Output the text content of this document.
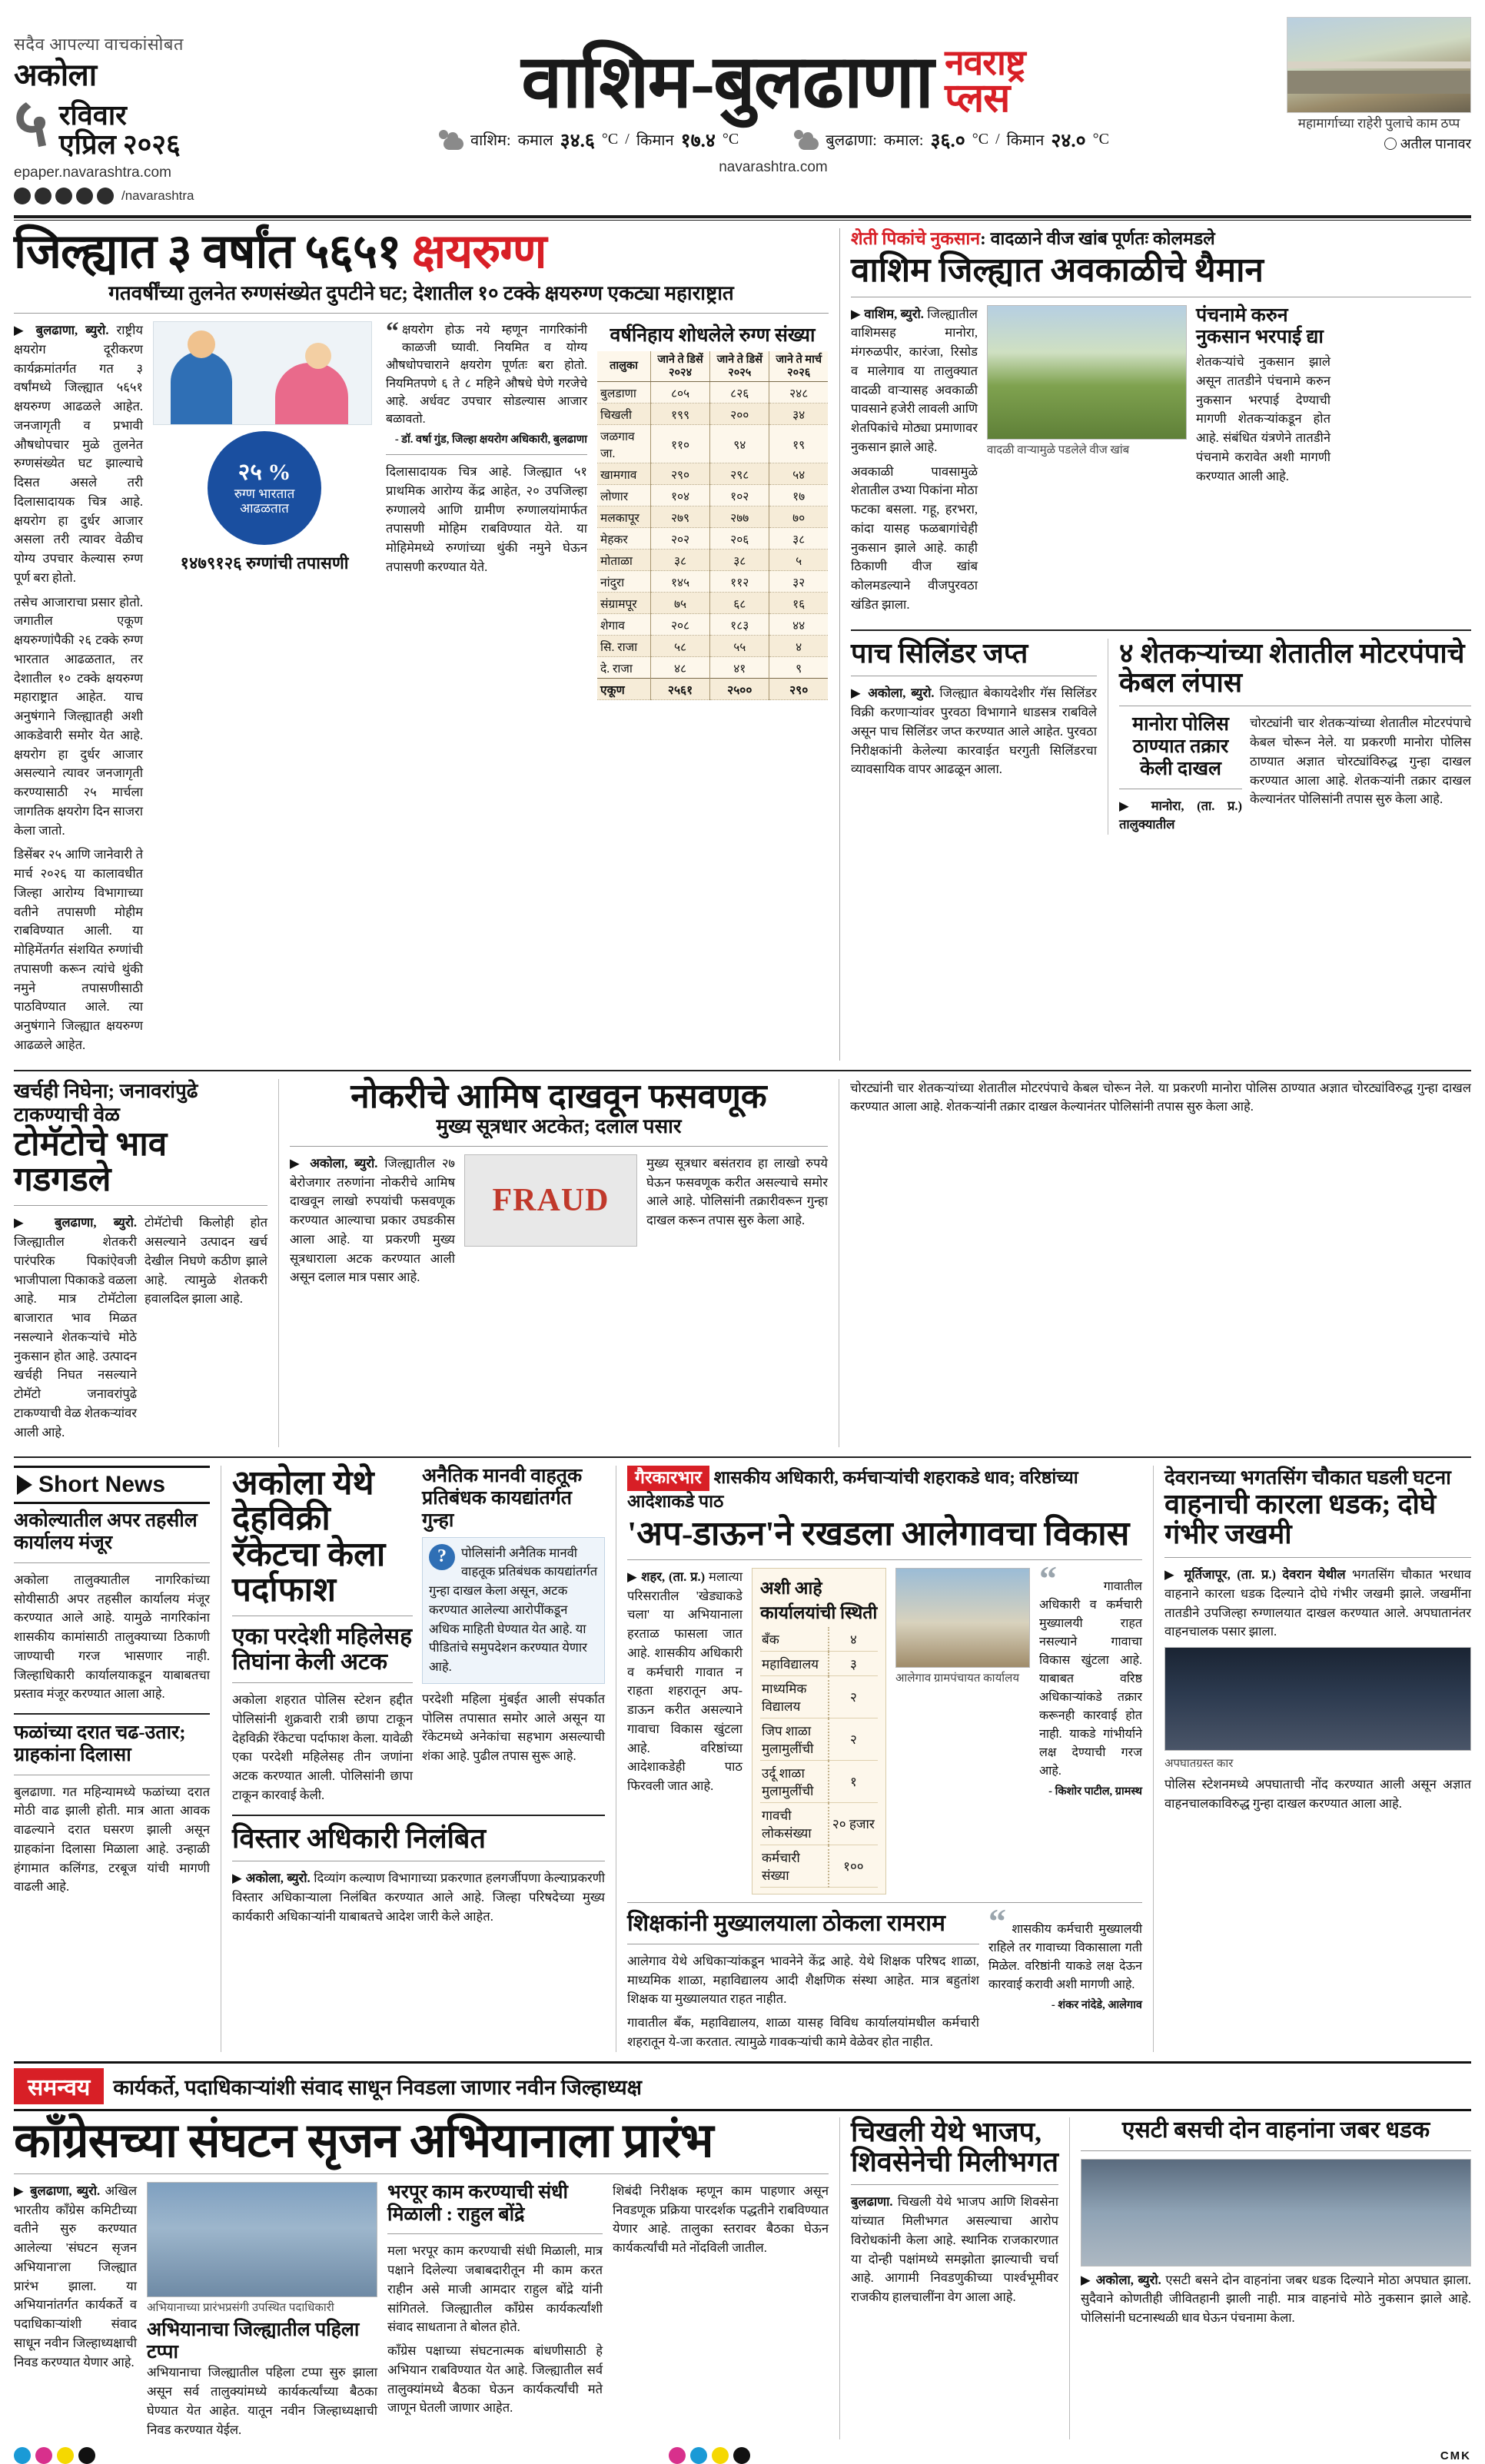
सदैव आपल्या वाचकांसोबत
अकोला
५ रविवार
एप्रिल २०२६
epaper.navarashtra.com
/navarashtra
वाशिम-बुलढाणा नवराष्ट्र
प्लस
वाशिम: कमाल ३४.६ °C / किमान १७.४ °C	बुलढाणा: कमाल: ३६.० °C / किमान २४.० °C
navarashtra.com
महामार्गाच्या राहेरी पुलाचे काम ठप्प
अतील पानावर
जिल्ह्यात ३ वर्षांत ५६५१ क्षयरुग्ण
गतवर्षींच्या तुलनेत रुग्णसंख्येत दुपटीने घट; देशातील १० टक्के क्षयरुग्ण एकट्या महाराष्ट्रात

▶ बुलढाणा, ब्युरो. राष्ट्रीय क्षयरोग दूरीकरण कार्यक्रमांतर्गत गत ३ वर्षांमध्ये जिल्ह्यात ५६५१ क्षयरुग्ण आढळले आहेत. जनजागृती व प्रभावी औषधोपचार मुळे तुलनेत रुग्णसंख्येत घट झाल्याचे दिसत असले तरी दिलासादायक चित्र आहे. क्षयरोग हा दुर्धर आजार असला तरी त्यावर वेळीच योग्य उपचार केल्यास रुग्ण पूर्ण बरा होतो.

तसेच आजाराचा प्रसार होतो. जगातील एकूण क्षयरुग्णांपैकी २६ टक्के रुग्ण भारतात आढळतात, तर देशातील १० टक्के क्षयरुग्ण महाराष्ट्रात आहेत. याच अनुषंगाने जिल्ह्यातही अशी आकडेवारी समोर येत आहे. क्षयरोग हा दुर्धर आजार असल्याने त्यावर जनजागृती करण्यासाठी २५ मार्चला जागतिक क्षयरोग दिन साजरा केला जातो.

डिसेंबर २५ आणि जानेवारी ते मार्च २०२६ या कालावधीत जिल्हा आरोग्य विभागाच्या वतीने तपासणी मोहीम राबविण्यात आली. या मोहिमेंतर्गत संशयित रुग्णांची तपासणी करून त्यांचे थुंकी नमुने तपासणीसाठी पाठविण्यात आले. त्या अनुषंगाने जिल्ह्यात क्षयरुग्ण आढळले आहेत.

२५ %
रुग्ण भारतात
आढळतात
१४७९१२६ रुग्णांची तपासणी
“ क्षयरोग होऊ नये म्हणून नागरिकांनी काळजी घ्यावी. नियमित व योग्य औषधोपचाराने क्षयरोग पूर्णतः बरा होतो. नियमितपणे ६ ते ८ महिने औषधे घेणे गरजेचे आहे. अर्धवट उपचार सोडल्यास आजार बळावतो.
- डॉ. वर्षा गुंड, जिल्हा क्षयरोग अधिकारी, बुलढाणा
दिलासादायक चित्र आहे. जिल्ह्यात ५१ प्राथमिक आरोग्य केंद्र आहेत, २० उपजिल्हा रुग्णालये आणि ग्रामीण रुग्णालयांमार्फत तपासणी मोहिम राबविण्यात येते. या मोहिमेमध्ये रुग्णांच्या थुंकी नमुने घेऊन तपासणी करण्यात येते.
वर्षनिहाय शोधलेले रुग्ण संख्या
तालुका	जाने ते डिसें २०२४	जाने ते डिसें २०२५	जाने ते मार्च २०२६
बुलडाणा	८०५	८२६	२४८
चिखली	१९९	२००	३४
जळगाव जा.	११०	९४	१९
खामगाव	२९०	२९८	५४
लोणार	१०४	१०२	१७
मलकापूर	२७९	२७७	७०
मेहकर	२०२	२०६	३८
मोताळा	३८	३८	५
नांदुरा	१४५	११२	३२
संग्रामपूर	७५	६८	१६
शेगाव	२०८	१८३	४४
सि. राजा	५८	५५	४
दे. राजा	४८	४१	९
एकूण	२५६१	२५००	२९०
शेती पिकांचे नुकसान: वादळाने वीज खांब पूर्णतः कोलमडले
वाशिम जिल्ह्यात अवकाळीचे थैमान

▶ वाशिम, ब्युरो. जिल्ह्यातील वाशिमसह मानोरा, मंगरुळपीर, कारंजा, रिसोड व मालेगाव या तालुक्यात वादळी वाऱ्यासह अवकाळी पावसाने हजेरी लावली आणि शेतपिकांचे मोठ्या प्रमाणावर नुकसान झाले आहे.

अवकाळी पावसामुळे शेतातील उभ्या पिकांना मोठा फटका बसला. गहू, हरभरा, कांदा यासह फळबागांचेही नुकसान झाले आहे. काही ठिकाणी वीज खांब कोलमडल्याने वीजपुरवठा खंडित झाला.

वादळी वाऱ्यामुळे पडलेले वीज खांब
पंचनामे करुन नुकसान भरपाई द्या
शेतकऱ्यांचे नुकसान झाले असून तातडीने पंचनामे करुन नुकसान भरपाई देण्याची मागणी शेतकऱ्यांकडून होत आहे. संबंधित यंत्रणेने तातडीने पंचनामे करावेत अशी मागणी करण्यात आली आहे.
पाच सिलिंडर जप्त

▶ अकोला, ब्युरो. जिल्ह्यात बेकायदेशीर गॅस सिलिंडर विक्री करणाऱ्यांवर पुरवठा विभागाने धाडसत्र राबविले असून पाच सिलिंडर जप्त करण्यात आले आहेत. पुरवठा निरीक्षकांनी केलेल्या कारवाईत घरगुती सिलिंडरचा व्यावसायिक वापर आढळून आला.

४ शेतकऱ्यांच्या शेतातील मोटरपंपाचे केबल लंपास
मानोरा पोलिस ठाण्यात तक्रार केली दाखल
▶ मानोरा, (ता. प्र.) तालुक्यातील
चोरट्यांनी चार शेतकऱ्यांच्या शेतातील मोटरपंपाचे केबल चोरून नेले. या प्रकरणी मानोरा पोलिस ठाण्यात अज्ञात चोरट्यांविरुद्ध गुन्हा दाखल करण्यात आला आहे. शेतकऱ्यांनी तक्रार दाखल केल्यानंतर पोलिसांनी तपास सुरु केला आहे.
खर्चही निघेना; जनावरांपुढे टाकण्याची वेळ
टोमॅटोचे भाव गडगडले

▶ बुलढाणा, ब्युरो. जिल्ह्यातील शेतकरी पारंपरिक पिकांऐवजी भाजीपाला पिकाकडे वळला आहे. मात्र टोमॅटोला बाजारात भाव मिळत नसल्याने शेतकऱ्यांचे मोठे नुकसान होत आहे. उत्पादन खर्चही निघत नसल्याने टोमॅटो जनावरांपुढे टाकण्याची वेळ शेतकऱ्यांवर आली आहे.

टोमॅटोची किलोही होत असल्याने उत्पादन खर्च देखील निघणे कठीण झाले आहे. त्यामुळे शेतकरी हवालदिल झाला आहे.
नोकरीचे आमिष दाखवून फसवणूक
मुख्य सूत्रधार अटकेत; दलाल पसार

▶ अकोला, ब्युरो. जिल्ह्यातील २७ बेरोजगार तरुणांना नोकरीचे आमिष दाखवून लाखो रुपयांची फसवणूक करण्यात आल्याचा प्रकार उघडकीस आला आहे. या प्रकरणी मुख्य सूत्रधाराला अटक करण्यात आली असून दलाल मात्र पसार आहे.

FRAUD
मुख्य सूत्रधार बसंतराव हा लाखो रुपये घेऊन फसवणूक करीत असल्याचे समोर आले आहे. पोलिसांनी तक्रारीवरून गुन्हा दाखल करून तपास सुरु केला आहे.
चोरट्यांनी चार शेतकऱ्यांच्या शेतातील मोटरपंपाचे केबल चोरून नेले. या प्रकरणी मानोरा पोलिस ठाण्यात अज्ञात चोरट्यांविरुद्ध गुन्हा दाखल करण्यात आला आहे. शेतकऱ्यांनी तक्रार दाखल केल्यानंतर पोलिसांनी तपास सुरु केला आहे.
Short News
अकोल्यातील अपर तहसील कार्यालय मंजूर
अकोला तालुक्यातील नागरिकांच्या सोयीसाठी अपर तहसील कार्यालय मंजूर करण्यात आले आहे. यामुळे नागरिकांना शासकीय कामांसाठी तालुक्याच्या ठिकाणी जाण्याची गरज भासणार नाही. जिल्हाधिकारी कार्यालयाकडून याबाबतचा प्रस्ताव मंजूर करण्यात आला आहे.
फळांच्या दरात चढ-उतार; ग्राहकांना दिलासा
बुलढाणा. गत महिन्यामध्ये फळांच्या दरात मोठी वाढ झाली होती. मात्र आता आवक वाढल्याने दरात घसरण झाली असून ग्राहकांना दिलासा मिळाला आहे. उन्हाळी हंगामात कलिंगड, टरबूज यांची मागणी वाढली आहे.
अकोला येथे देहविक्री रॅकेटचा केला पर्दाफाश
एका परदेशी महिलेसह तिघांना केली अटक
अकोला शहरात पोलिस स्टेशन हद्दीत पोलिसांनी शुक्रवारी रात्री छापा टाकून देहविक्री रॅकेटचा पर्दाफाश केला. यावेळी एका परदेशी महिलेसह तीन जणांना अटक करण्यात आली. पोलिसांनी छापा टाकून कारवाई केली.
अनैतिक मानवी वाहतूक प्रतिबंधक कायद्यांतर्गत गुन्हा
?	पोलिसांनी अनैतिक मानवी वाहतूक प्रतिबंधक कायद्यांतर्गत गुन्हा दाखल केला असून, अटक करण्यात आलेल्या आरोपींकडून अधिक माहिती घेण्यात येत आहे. या पीडितांचे समुपदेशन करण्यात येणार आहे.
परदेशी महिला मुंबईत आली संपर्कात पोलिस तपासात समोर आले असून या रॅकेटमध्ये अनेकांचा सहभाग असल्याची शंका आहे. पुढील तपास सुरू आहे.
विस्तार अधिकारी निलंबित

▶ अकोला, ब्युरो. दिव्यांग कल्याण विभागाच्या प्रकरणात हलगर्जीपणा केल्याप्रकरणी विस्तार अधिकाऱ्याला निलंबित करण्यात आले आहे. जिल्हा परिषदेच्या मुख्य कार्यकारी अधिकाऱ्यांनी याबाबतचे आदेश जारी केले आहेत.

गैरकारभार शासकीय अधिकारी, कर्मचाऱ्यांची शहराकडे धाव; वरिष्ठांच्या आदेशाकडे पाठ
'अप-डाऊन'ने रखडला आलेगावचा विकास

▶ शहर, (ता. प्र.) मलात्या परिसरातील 'खेड्याकडे चला' या अभियानाला हरताळ फासला जात आहे. शासकीय अधिकारी व कर्मचारी गावात न राहता शहरातून अप-डाऊन करीत असल्याने गावाचा विकास खुंटला आहे. वरिष्ठांच्या आदेशाकडेही पाठ फिरवली जात आहे.

अशी आहे कार्यालयांची स्थिती
बँक	४
महाविद्यालय	३
माध्यमिक विद्यालय	२
जिप शाळा मुलामुलींची	२
उर्दू शाळा मुलामुलींची	१
गावची लोकसंख्या	२० हजार
कर्मचारी संख्या	१००
आलेगाव ग्रामपंचायत कार्यालय
“	गावातील अधिकारी व कर्मचारी मुख्यालयी राहत नसल्याने गावाचा विकास खुंटला आहे. याबाबत वरिष्ठ अधिकाऱ्यांकडे तक्रार करूनही कारवाई होत नाही. याकडे गांभीर्याने लक्ष देण्याची गरज आहे.
- किशोर पाटील, ग्रामस्थ
शिक्षकांनी मुख्यालयाला ठोकला रामराम
आलेगाव येथे अधिकाऱ्यांकडून भावनेने केंद्र आहे. येथे शिक्षक परिषद शाळा, माध्यमिक शाळा, महाविद्यालय आदी शैक्षणिक संस्था आहेत. मात्र बहुतांश शिक्षक या मुख्यालयात राहत नाहीत.
गावातील बँक, महाविद्यालय, शाळा यासह विविध कार्यालयांमधील कर्मचारी शहरातून ये-जा करतात. त्यामुळे गावकऱ्यांची कामे वेळेवर होत नाहीत.
“ शासकीय कर्मचारी मुख्यालयी राहिले तर गावाच्या विकासाला गती मिळेल. वरिष्ठांनी याकडे लक्ष देऊन कारवाई करावी अशी मागणी आहे.
- शंकर नांदेडे, आलेगाव
देवरानच्या भगतसिंग चौकात घडली घटना
वाहनाची कारला धडक; दोघे गंभीर जखमी

▶ मूर्तिजापूर, (ता. प्र.) देवरान येथील भगतसिंग चौकात भरधाव वाहनाने कारला धडक दिल्याने दोघे गंभीर जखमी झाले. जखमींना तातडीने उपजिल्हा रुग्णालयात दाखल करण्यात आले. अपघातानंतर वाहनचालक पसार झाला.

अपघातग्रस्त कार
पोलिस स्टेशनमध्ये अपघाताची नोंद करण्यात आली असून अज्ञात वाहनचालकाविरुद्ध गुन्हा दाखल करण्यात आला आहे.
समन्वय	कार्यकर्ते, पदाधिकाऱ्यांशी संवाद साधून निवडला जाणार नवीन जिल्हाध्यक्ष
काँग्रेसच्या संघटन सृजन अभियानाला प्रारंभ

▶ बुलढाणा, ब्युरो. अखिल भारतीय काँग्रेस कमिटीच्या वतीने सुरु करण्यात आलेल्या 'संघटन सृजन अभियाना'ला जिल्ह्यात प्रारंभ झाला. या अभियानांतर्गत कार्यकर्ते व पदाधिकाऱ्यांशी संवाद साधून नवीन जिल्हाध्यक्षाची निवड करण्यात येणार आहे.

अभियानाच्या प्रारंभप्रसंगी उपस्थित पदाधिकारी
अभियानाचा जिल्ह्यातील पहिला टप्पा
अभियानाचा जिल्ह्यातील पहिला टप्पा सुरु झाला असून सर्व तालुक्यांमध्ये कार्यकर्त्यांच्या बैठका घेण्यात येत आहेत. यातून नवीन जिल्हाध्यक्षाची निवड करण्यात येईल.
भरपूर काम करण्याची संधी मिळाली : राहुल बोंद्रे
मला भरपूर काम करण्याची संधी मिळाली, मात्र पक्षाने दिलेल्या जबाबदारीतून मी काम करत राहीन असे माजी आमदार राहुल बोंद्रे यांनी सांगितले. जिल्ह्यातील काँग्रेस कार्यकर्त्यांशी संवाद साधताना ते बोलत होते.
काँग्रेस पक्षाच्या संघटनात्मक बांधणीसाठी हे अभियान राबविण्यात येत आहे. जिल्ह्यातील सर्व तालुक्यांमध्ये बैठका घेऊन कार्यकर्त्यांची मते जाणून घेतली जाणार आहेत.
शिबंदी निरीक्षक म्हणून काम पाहणार असून निवडणूक प्रक्रिया पारदर्शक पद्धतीने राबविण्यात येणार आहे. तालुका स्तरावर बैठका घेऊन कार्यकर्त्यांची मते नोंदविली जातील.
चिखली येथे भाजप, शिवसेनेची मिलीभगत

बुलढाणा. चिखली येथे भाजप आणि शिवसेना यांच्यात मिलीभगत असल्याचा आरोप विरोधकांनी केला आहे. स्थानिक राजकारणात या दोन्ही पक्षांमध्ये समझोता झाल्याची चर्चा आहे. आगामी निवडणुकीच्या पार्श्वभूमीवर राजकीय हालचालींना वेग आला आहे.

एसटी बसची दोन वाहनांना जबर धडक

▶ अकोला, ब्युरो. एसटी बसने दोन वाहनांना जबर धडक दिल्याने मोठा अपघात झाला. सुदैवाने कोणतीही जीवितहानी झाली नाही. मात्र वाहनांचे मोठे नुकसान झाले आहे. पोलिसांनी घटनास्थळी धाव घेऊन पंचनामा केला.

CMK
